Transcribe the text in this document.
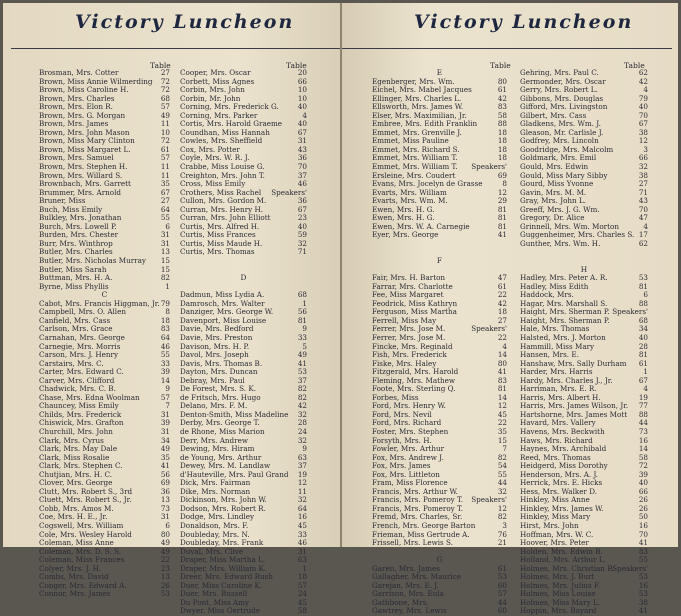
Victory Luncheon
Table	Table
Brosman, Mrs. Cotter	27
Brown, Miss Annie Wilmerding 72
Brown, Miss Caroline H.	72
Brown, Mrs. Charles	68
Brown, Mrs. Elon R.	57
Brown, Mrs. G. Morgan	49
Brown, Mrs. James	11
Brown, Mrs. John Mason	10
Brown, Miss Mary Clinton	72
Brown, Miss Margaret L.	61
Brown, Mrs. Samuel	57
Brown, Mrs. Stephen H.	11
Brown, Mrs. Willard S.	11
Brownbach, Mrs. Garrett	35
Brummer, Mrs. Arnold	67
Bruner, Miss	27
Buch, Miss Emily	64
Bulkley, Mrs. Jonathan	55
Burch, Mrs. Lowell P.	6
Burden, Mrs. Chester	31
Burr, Mrs. Winthrop	31
Butler, Mrs. Charles	13
Butler, Mrs. Nicholas Murray 15
Butler, Miss Sarah	15
Buttman, Mrs. H. A.	82
Byrne, Miss Phyllis	1
C
Cabot, Mrs. Francis Higgman, Jr. 79
Campbell, Mrs. O. Allen	8
Canfield, Mrs. Cass	18
Carlson, Mrs. Grace	83
Carnahan, Mrs. George	64
Carnegie, Mrs. Morris	46
Carson, Mrs. J. Henry	55
Carstairs, Mrs. C.	33
Carter, Mrs. Edward C.	39
Carver, Mrs. Clifford	14
Chadwick, Mrs. C. B.	9
Chase, Mrs. Edna Woolman	57
Chauncey, Miss Emily	7
Childs, Mrs. Frederick	31
Chiswick, Mrs. Grafton	39
Churchill, Mrs. John	31
Clark, Mrs. Cyrus	34
Clark, Mrs. May Dale	49
Clark, Miss Rosalie	35
Clark, Mrs. Stephen C.	41
Chutjian, Mrs. H. C.	56
Clover, Mrs. George	69
Clutt, Mrs. Robert S., 3rd	36
Cluett, Mrs. Robert S., Jr.	13
Cobb, Mrs. Amos M.	73
Coe, Mrs. H. E., Jr.	31
Cogswell, Mrs. William	6
Cole, Mrs. Wesley Harold	80
Coleman, Miss Anne	49
Coleman, Mrs. D. S. S.	49
Coleman, Miss Frances	22
Colyer, Mrs. J. H.	23
Combs, Mrs. David	13
Conger, Mrs. Edward A.	26
Connor, Mrs. James	53
Cooper, Mrs. Oscar	20
Corbett, Miss Agnes	66
Corbin, Mrs. John	10
Corbin, Mr. John	10
Corning, Mrs. Frederick G.	40
Corning, Mrs. Parker	4
Cortis, Mrs. Harold Graeme 40
Coundhan, Miss Hannah	67
Cowles, Mrs. Sheffield	31
Cox, Mrs. Potter	43
Coyle, Mrs. W. R. J.	36
Crabbe, Miss Louise G.	70
Creighton, Mrs. John T.	37
Cross, Miss Emily	46
Crothers, Miss Rachel Speakers'
Cullon, Mrs. Gordon M.	36
Curran, Mrs. Henry H.	67
Curran, Mrs. John Elliott	23
Curtis, Mrs. Alfred H.	40
Curtis, Miss Frances	59
Curtis, Miss Maude H.	32
Curtis, Mrs. Thomas	71
D
Dadmun, Miss Lydia A.	68
Damrosch, Mrs. Walter	1
Danziger, Mrs. George W.	56
Davenport, Miss Louise	81
Davie, Mrs. Bedford	9
Davie, Mrs. Preston	33
Davison, Mrs. H. P.	5
Davol, Mrs. Joseph	49
Davis, Mrs. Thomas B.	41
Dayton, Mrs. Duncan	53
Debray, Mrs. Paul	37
De Forest, Mrs. S. K.	82
de Fritsch, Mrs. Hugo	82
Delano, Mrs. F. M.	42
Denton-Smith, Miss Madeline 32
Derby, Mrs. George T.	28
de Rhone, Miss Marion	24
Derr, Mrs. Andrew	32
Dewing, Mrs. Hiram	9
de Young, Mrs. Arthur	63
Dewey, Mrs. M. Landlaw	37
d'Hauteville, Mrs. Paul Grand 19
Dick, Mrs. Fairman	12
Dike, Mrs. Norman	11
Dickinson, Mrs. John W.	32
Dodson, Mrs. Robert R.	64
Dodge, Mrs. Lindley	16
Donaldson, Mrs. F.	45
Doubleday, Mrs. N.	33
Doubleday, Mrs. Frank	46
Duval, Mrs. Clive	31
Draper, Miss Martha L.	63
Draper, Mrs. William K.	1
Dreer, Mrs. Edward Rush	18
Duer, Miss Caroline K.	57
Duer, Mrs. Russell	24
Du Pont, Miss Amy	45
Dwyer, Miss Gertrude	58
Victory Luncheon
Table	Table
E
Egenberger, Mrs. Wm.	80
Eichel, Mrs. Mabel Jacques	61
Ellinger, Mrs. Charles L.	42
Ellsworth, Mrs. James W.	83
Elser, Mrs. Maximilian, Jr.	58
Embree, Mrs. Edith Franklin	88
Emmet, Mrs. Grenville J.	18
Emmet, Miss Pauline	18
Emmet, Mrs. Richard S.	18
Emmet, Mrs. William T.	18
Emmet, Mrs. William T. Speakers'
Ersleine, Mrs. Coudert	69
Evans, Mrs. Jocelyn de Grasse	8
Evarts, Mrs. William	12
Evarts, Mrs. Wm. M.	29
Ewen, Mrs. H. G.	81
Ewen, Mrs. H. G.	81
Ewen, Mrs. W. A. Carnegie	81
Eyer, Mrs. George	41
F
Fair, Mrs. H. Barton	47
Farrar, Mrs. Charlotte	61
Fee, Miss Margaret	22
Feodrick, Miss Kathryn	42
Ferguson, Miss Martha	18
Ferrell, Miss May	27
Ferrer, Mrs. Jose M.	Speakers'
Ferrer, Mrs. Jose M.	22
Fincke, Mrs. Reginald	4
Fish, Mrs. Frederick	14
Fiske, Mrs. Haley	80
Fitzgerald, Mrs. Harold	41
Fleming, Mrs. Mathew	83
Foote, Mrs. Sterling Q.	81
Forbes, Miss	14
Ford, Mrs. Henry W.	12
Ford, Mrs. Nevil	45
Ford, Mrs. Richard	22
Foster, Mrs. Stephen	35
Forsyth, Mrs. H.	15
Fowler, Mrs. Arthur	7
Fox, Mrs. Andrew J.	82
Fox, Mrs. James	54
Fox, Mrs. Littleton	55
Fram, Miss Florence	44
Francis, Mrs. Arthur W.	32
Francis, Mrs. Pomeroy T. Speakers'
Francis, Mrs. Pomeroy T.	12
Fremd, Mrs. Charles, Sr.	82
French, Mrs. George Barton	3
Frieman, Miss Gertrude A.	76
Frissell, Mrs. Lewis S.	21
G
Garen, Mrs. James	61
Gallagher, Mrs. Maurice	53
Garejan, Mrs. E. J.	60
Garrison, Mrs. Eula	57
Gathbone, Mrs.	44
Gawtrey, Mrs. Lewis	60
Gehring, Mrs. Paul C.	62
Germonder, Mrs. Oscar	42
Gerry, Mrs. Robert L.	4
Gibbons, Mrs. Douglas	79
Gifford, Mrs. Livingston	40
Gilbert, Mrs. Cass	70
Gladkens, Mrs. Wm. J.	67
Gleason, Mr. Carlisle J.	38
Godfrey, Mrs. Lincoln	12
Goodridge, Mrs. Malcolm	3
Goldmark, Mrs. Emil	66
Gould, Mrs. Edwin	32
Gould, Miss Mary Sibby	38
Gourd, Miss Yvonne	27
Gavin, Mrs. M. M.	71
Gray, Mrs. John L.	43
Greeff, Mrs. J. G. Wm.	70
Gregory, Dr. Alice	47
Grinnell, Mrs. Wm. Morton	4
Guggenheimer, Mrs. Charles S. 17
Gunther, Mrs. Wm. H.	62
H
Hadley, Mrs. Peter A. R.	53
Hadley, Miss Edith	81
Haddock, Mrs.	6
Hagar, Mrs. Marshall S.	88
Haight, Mrs. Sherman P. Speakers'
Haight, Mrs. Sherman P.	68
Hale, Mrs. Thomas	34
Halsted, Mrs. J. Morton	40
Hammill, Miss Mary	28
Hansen, Mrs. E.	81
Hanshaw, Mrs. Sally Durham 61
Harder, Mrs. Harris	1
Hardy, Mrs. Charles J., Jr.	67
Harriman, Mrs. E. R.	4
Harris, Mrs. Albert H.	19
Harris, Mrs. James Wilson, Jr. 77
Hartshorne, Mrs. James Mott 88
Havard, Mrs. Vallery	44
Havens, Mrs. Beckwith	73
Haws, Mrs. Richard	16
Haynes, Mrs. Archibald	14
Reed, Mrs. Thomas	58
Heidgerd, Miss Dorothy	72
Henderson, Mrs. A. J.	39
Herrick, Mrs. E. Hicks	40
Hess, Mrs. Walker D.	66
Hinkley, Miss Anne	26
Hinkley, Mrs. James W.	26
Hinkley, Miss Mary	50
Hirst, Mrs. John	16
Hoffman, Mrs. W. C.	70
Hoover, Mrs. Peter	41
Holden, Mrs. Edwin B.	83
Holland, Mrs. Arthur L.	55
Holmes, Mrs. Christian R.
Speakers'
Holmes, Mrs. J. Burt	53
Holmes, Mrs. Julius F.	16
Holmes, Miss Louise	53
Holmes, Miss Mary L.	38
Hoppin, Mrs. Bayard	41
